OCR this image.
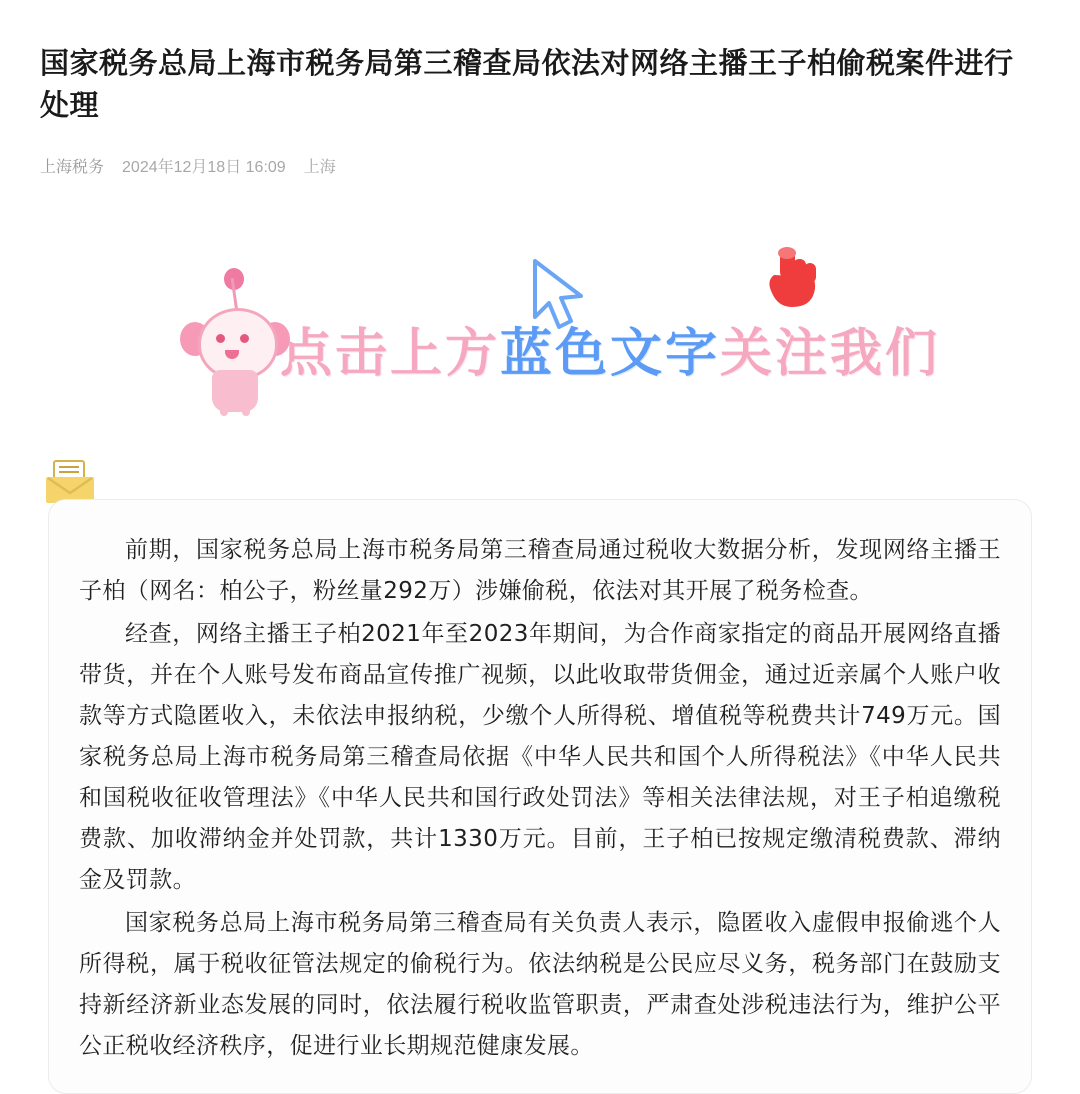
国家税务总局上海市税务局第三稽查局依法对网络主播王子柏偷税案件进行处理
上海税务 2024年12月18日 16:09 上海
点击上方蓝色文字关注我们

前期，国家税务总局上海市税务局第三稽查局通过税收大数据分析，发现网络主播王子柏（网名：柏公子，粉丝量292万）涉嫌偷税，依法对其开展了税务检查。

经查，网络主播王子柏2021年至2023年期间，为合作商家指定的商品开展网络直播带货，并在个人账号发布商品宣传推广视频，以此收取带货佣金，通过近亲属个人账户收款等方式隐匿收入，未依法申报纳税，少缴个人所得税、增值税等税费共计749万元。国家税务总局上海市税务局第三稽查局依据《中华人民共和国个人所得税法》《中华人民共和国税收征收管理法》《中华人民共和国行政处罚法》等相关法律法规，对王子柏追缴税费款、加收滞纳金并处罚款，共计1330万元。目前，王子柏已按规定缴清税费款、滞纳金及罚款。

国家税务总局上海市税务局第三稽查局有关负责人表示，隐匿收入虚假申报偷逃个人所得税，属于税收征管法规定的偷税行为。依法纳税是公民应尽义务，税务部门在鼓励支持新经济新业态发展的同时，依法履行税收监管职责，严肃查处涉税违法行为，维护公平公正税收经济秩序，促进行业长期规范健康发展。
